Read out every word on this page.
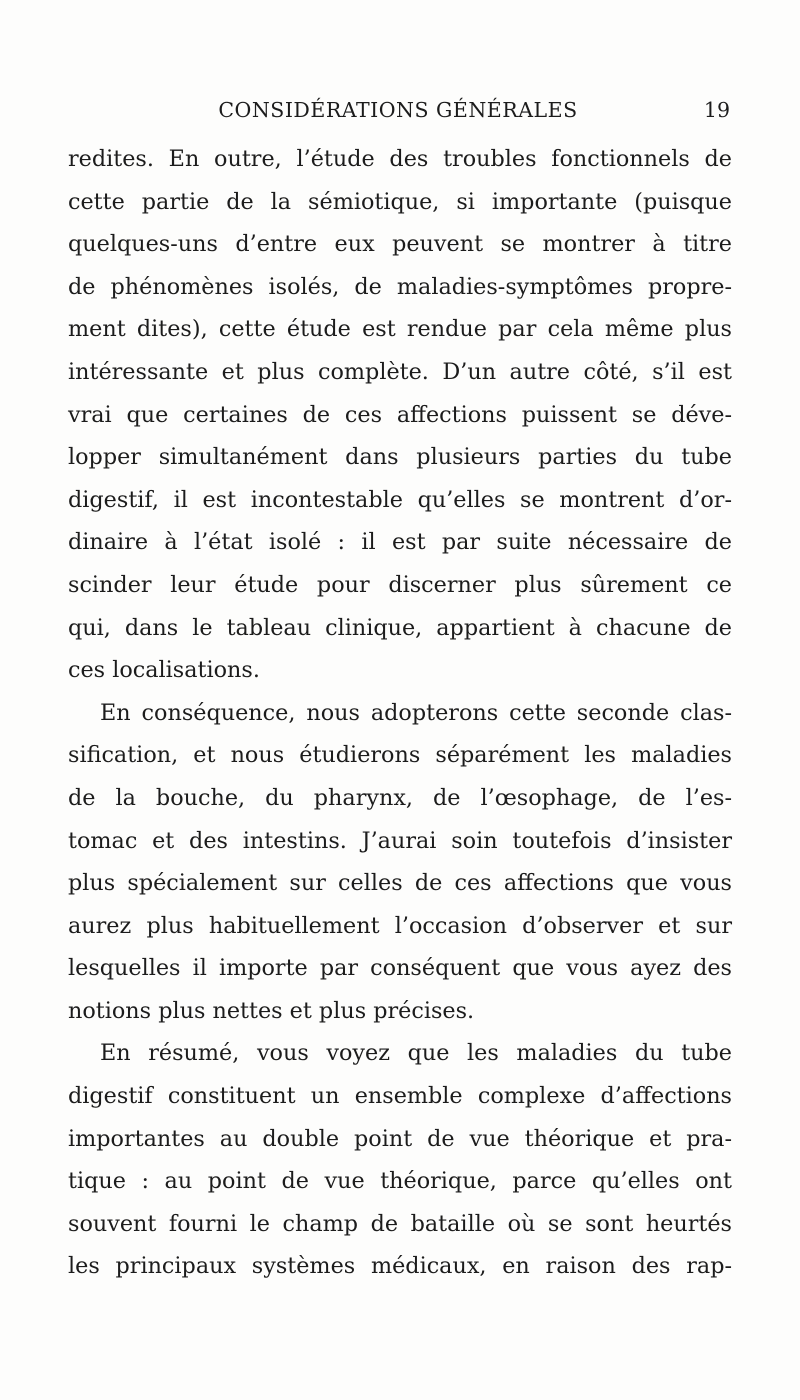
CONSIDÉRATIONS GÉNÉRALES	19
redites. En outre, l’étude des troubles fonctionnels de
cette partie de la sémiotique, si importante (puisque
quelques-uns d’entre eux peuvent se montrer à titre
de phénomènes isolés, de maladies-symptômes propre-
ment dites), cette étude est rendue par cela même plus
intéressante et plus complète. D’un autre côté, s’il est
vrai que certaines de ces affections puissent se déve-
lopper simultanément dans plusieurs parties du tube
digestif, il est incontestable qu’elles se montrent d’or-
dinaire à l’état isolé : il est par suite nécessaire de
scinder leur étude pour discerner plus sûrement ce
qui, dans le tableau clinique, appartient à chacune de
ces localisations.
En conséquence, nous adopterons cette seconde clas-
sification, et nous étudierons séparément les maladies
de la bouche, du pharynx, de l’œsophage, de l’es-
tomac et des intestins. J’aurai soin toutefois d’insister
plus spécialement sur celles de ces affections que vous
aurez plus habituellement l’occasion d’observer et sur
lesquelles il importe par conséquent que vous ayez des
notions plus nettes et plus précises.
En résumé, vous voyez que les maladies du tube
digestif constituent un ensemble complexe d’affections
importantes au double point de vue théorique et pra-
tique : au point de vue théorique, parce qu’elles ont
souvent fourni le champ de bataille où se sont heurtés
les principaux systèmes médicaux, en raison des rap-
